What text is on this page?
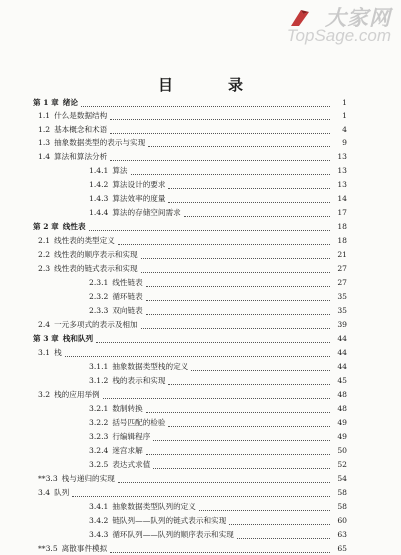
大家网
TopSage.com
目　录
第 1 章 绪论	1
1.1 什么是数据结构	1
1.2 基本概念和术语	4
1.3 抽象数据类型的表示与实现	9
1.4 算法和算法分析	13
1.4.1 算法	13
1.4.2 算法设计的要求	13
1.4.3 算法效率的度量	14
1.4.4 算法的存储空间需求	17
第 2 章 线性表	18
2.1 线性表的类型定义	18
2.2 线性表的顺序表示和实现	21
2.3 线性表的链式表示和实现	27
2.3.1 线性链表	27
2.3.2 循环链表	35
2.3.3 双向链表	35
2.4 一元多项式的表示及相加	39
第 3 章 栈和队列	44
3.1 栈	44
3.1.1 抽象数据类型栈的定义	44
3.1.2 栈的表示和实现	45
3.2 栈的应用举例	48
3.2.1 数制转换	48
3.2.2 括号匹配的检验	49
3.2.3 行编辑程序	49
3.2.4 迷宫求解	50
3.2.5 表达式求值	52
**3.3 栈与递归的实现	54
3.4 队列	58
3.4.1 抽象数据类型队列的定义	58
3.4.2 链队列——队列的链式表示和实现	60
3.4.3 循环队列——队列的顺序表示和实现	63
**3.5 离散事件模拟	65
